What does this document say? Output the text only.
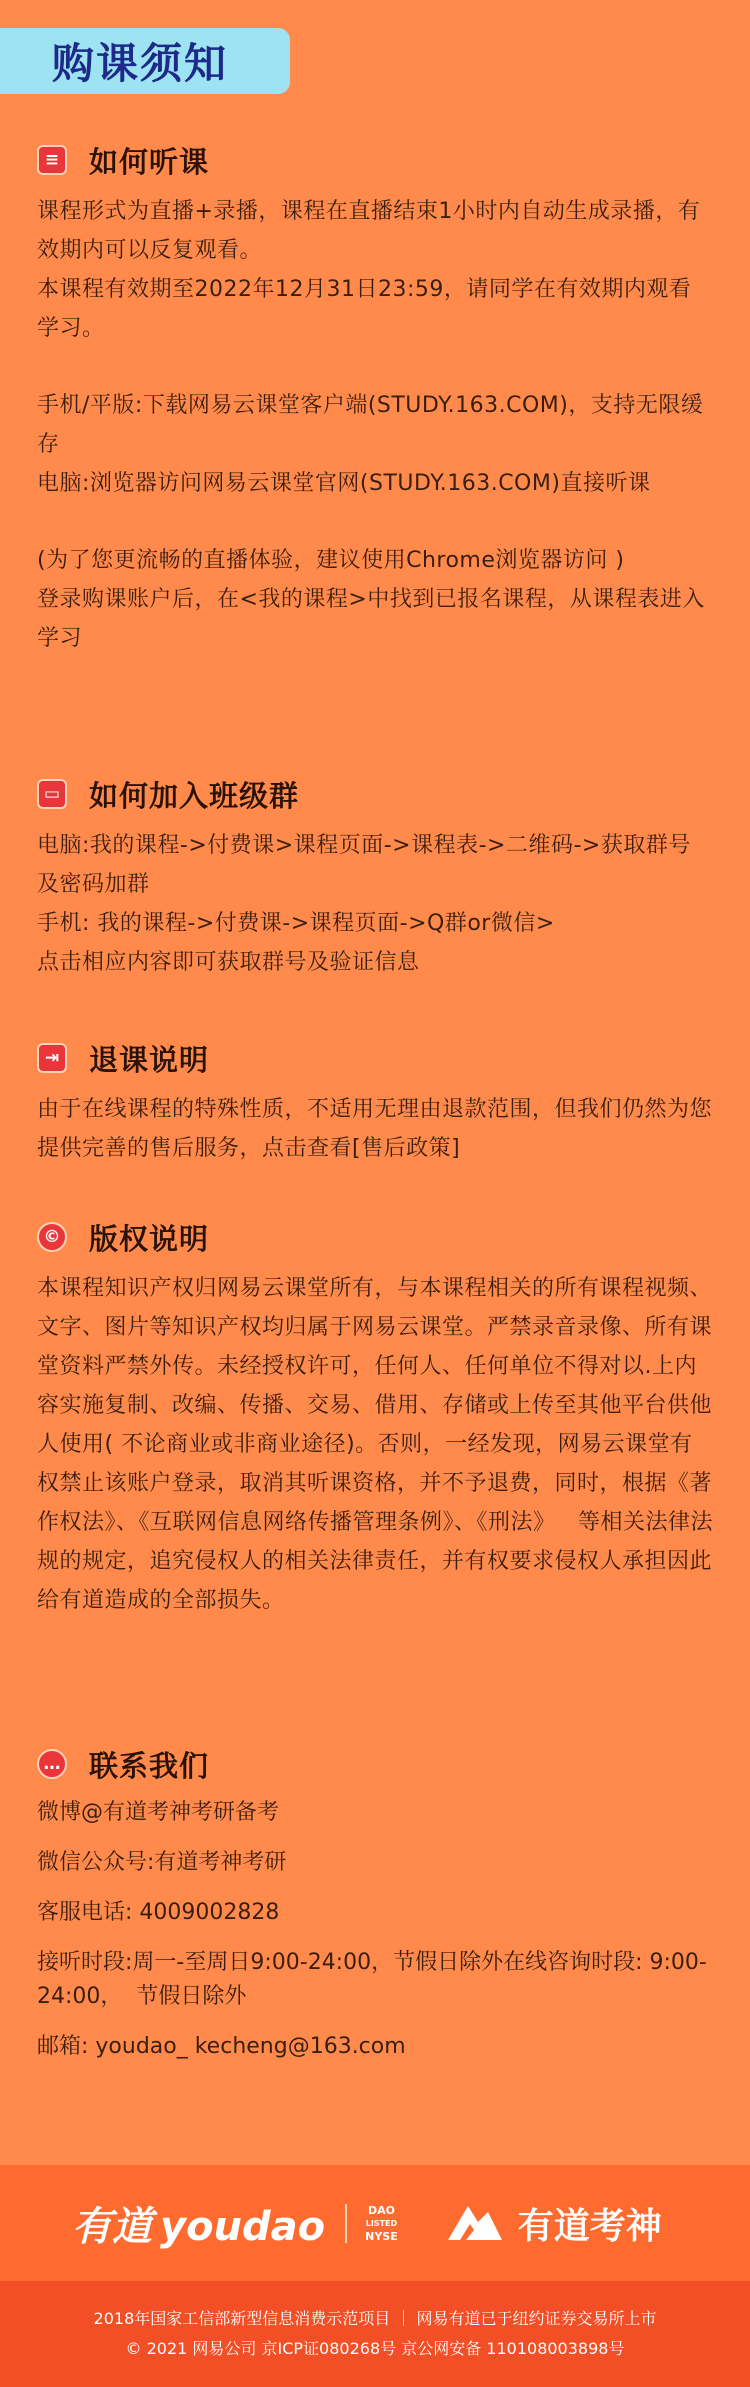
购课须知
≡ 如何听课
课程形式为直播+录播，课程在直播结束1小时内自动生成录播，有效期内可以反复观看。
本课程有效期至2022年12月31日23:59，请同学在有效期内观看学习。
手机/平版:下载网易云课堂客户端(STUDY.163.COM)，支持无限缓存
电脑:浏览器访问网易云课堂官网(STUDY.163.COM)直接听课
(为了您更流畅的直播体验，建议使用Chrome浏览器访问 )
登录购课账户后，在<我的课程>中找到已报名课程，从课程表进入学习
▭ 如何加入班级群
电脑:我的课程->付费课>课程页面->课程表->二维码->获取群号及密码加群
手机: 我的课程->付费课->课程页面->Q群or微信>
点击相应内容即可获取群号及验证信息
⇥ 退课说明
由于在线课程的特殊性质，不适用无理由退款范围，但我们仍然为您提供完善的售后服务，点击查看[售后政策]
© 版权说明
本课程知识产权归网易云课堂所有，与本课程相关的所有课程视频、文字、图片等知识产权均归属于网易云课堂。严禁录音录像、所有课堂资料严禁外传。未经授权许可，任何人、任何单位不得对以.上内容实施复制、改编、传播、交易、借用、存储或上传至其他平台供他人使用( 不论商业或非商业途径)。否则，一经发现，网易云课堂有权禁止该账户登录，取消其听课资格，并不予退费，同时，根据《著作权法》、《互联网信息网络传播管理条例》、《刑法》   等相关法律法规的规定，追究侵权人的相关法律责任，并有权要求侵权人承担因此给有道造成的全部损失。
… 联系我们
微博@有道考神考研备考
微信公众号:有道考神考研
客服电话: 4009002828
接听时段:周一-至周日9:00-24:00，节假日除外在线咨询时段: 9:00-24:00，  节假日除外
邮箱: youdao_ kecheng@163.com
有道 youdao	DAO
LISTED
NYSE	有道考神
2018年国家工信部新型信息消费示范项目 ｜ 网易有道已于纽约证券交易所上市
© 2021 网易公司 京ICP证080268号 京公网安备 110108003898号
